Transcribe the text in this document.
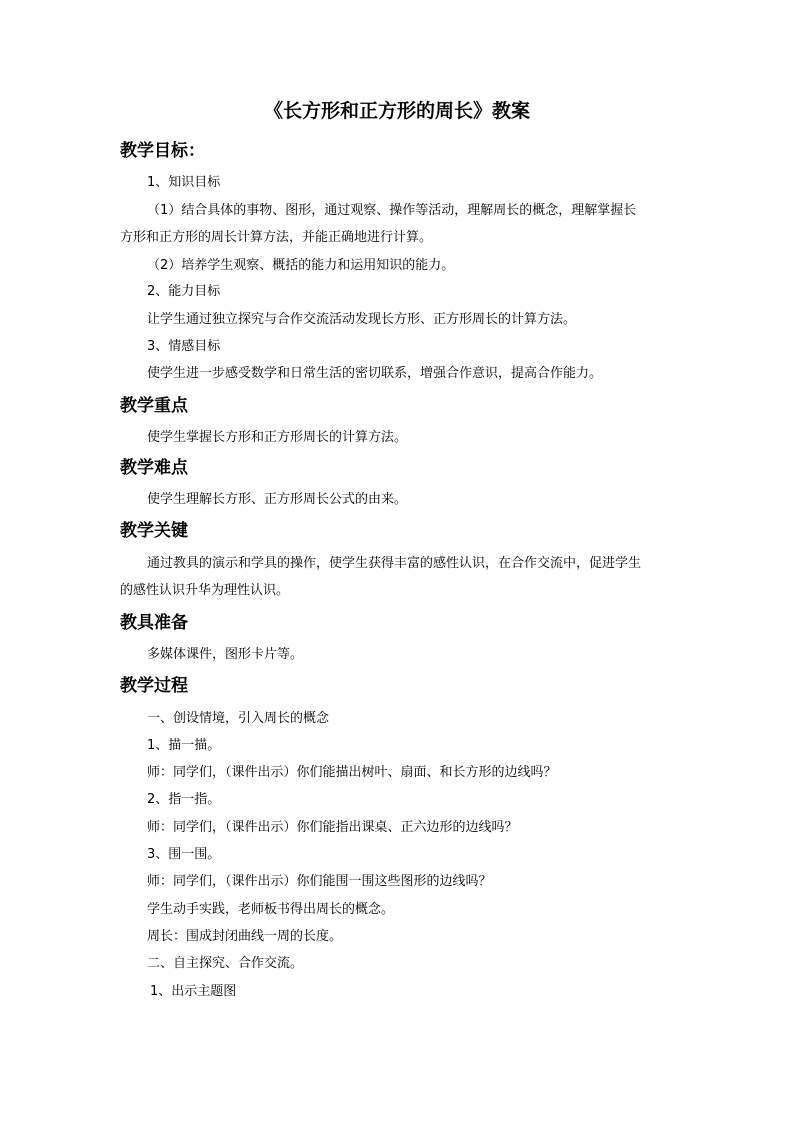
《长方形和正方形的周长》教案
教学目标：
1、知识目标
（1）结合具体的事物、图形，通过观察、操作等活动，理解周长的概念，理解掌握长
方形和正方形的周长计算方法，并能正确地进行计算。
（2）培养学生观察、概括的能力和运用知识的能力。
2、能力目标
让学生通过独立探究与合作交流活动发现长方形、正方形周长的计算方法。
3、情感目标
使学生进一步感受数学和日常生活的密切联系，增强合作意识，提高合作能力。
教学重点
使学生掌握长方形和正方形周长的计算方法。
教学难点
使学生理解长方形、正方形周长公式的由来。
教学关键
通过教具的演示和学具的操作，使学生获得丰富的感性认识，在合作交流中，促进学生
的感性认识升华为理性认识。
教具准备
多媒体课件，图形卡片等。
教学过程
一、创设情境，引入周长的概念
1、描一描。
师：同学们，（课件出示）你们能描出树叶、扇面、和长方形的边线吗？
2、指一指。
师：同学们，（课件出示）你们能指出课桌、正六边形的边线吗？
3、围一围。
师：同学们，（课件出示）你们能围一围这些图形的边线吗？
学生动手实践，老师板书得出周长的概念。
周长：围成封闭曲线一周的长度。
二、自主探究、合作交流。
1、出示主题图
